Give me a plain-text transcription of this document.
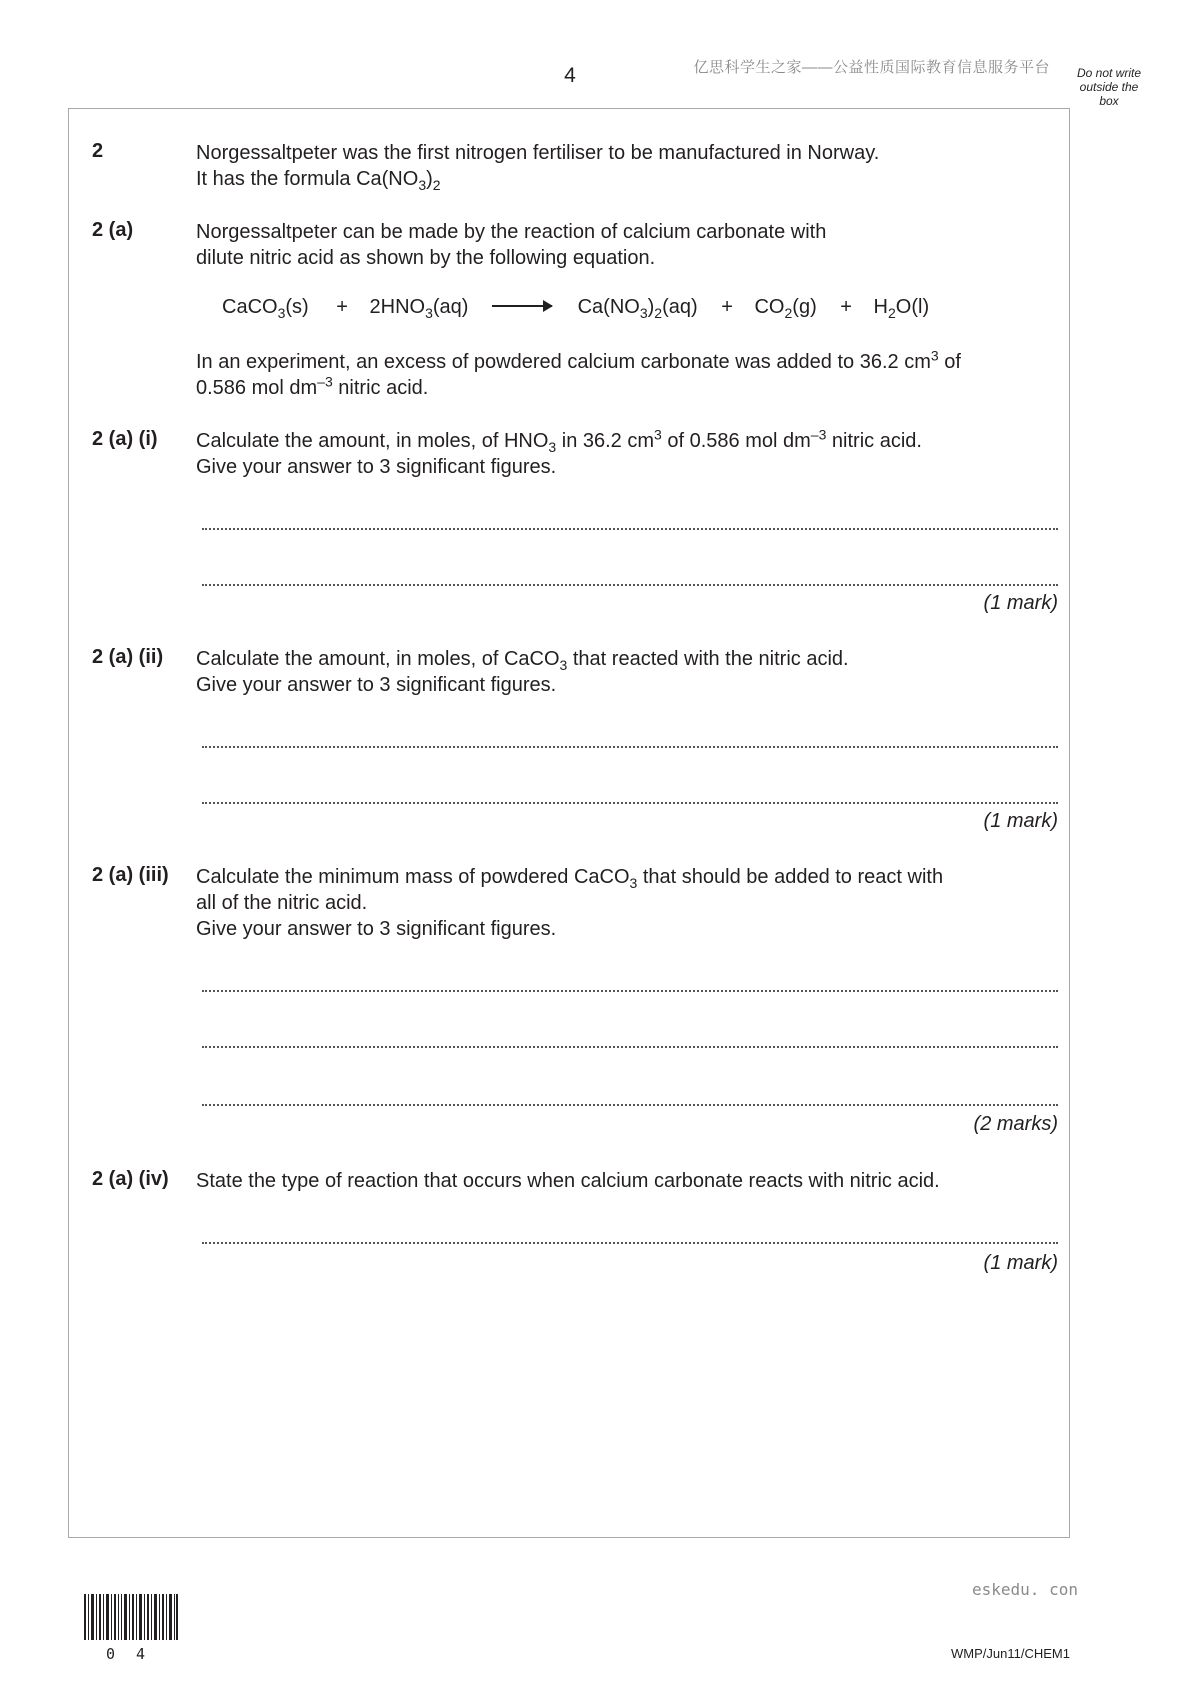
4	亿思科学生之家——公益性质国际教育信息服务平台	Do not write
outside the
box
2	Norgessaltpeter was the first nitrogen fertiliser to be manufactured in Norway.
It has the formula $Ca(NO_3)_2$
2 (a)	Norgessaltpeter can be made by the reaction of calcium carbonate with
dilute nitric acid as shown by the following equation.
CaCO$_3$(s) + $2HNO_3(aq) \to Ca(NO_3)_2(aq) + CO_2(g) + H_2O(l)$
In an experiment, an excess of powdered calcium carbonate was added to 36.2 $cm^3$ of
0.586 mol $dm^{-3}$ nitric acid.
2 (a) (i) Calculate the amount, in moles, of $HNO_3$ in 36.2 $cm^3$ of 0.586 mol $dm^{-3}$ nitric acid.
Give your answer to 3 significant figures.
(1 mark)
2 (a) (ii) Calculate the amount, in moles, of CaCO$_3$ that reacted with the nitric acid.
Give your answer to 3 significant figures.
(1 mark)
2 (a) (iii) Calculate the minimum mass of powdered CaCO$_3$ that should be added to react with
all of the nitric acid.
Give your answer to 3 significant figures.
(2 marks)
2 (a) (iv) State the type of reaction that occurs when calcium carbonate reacts with nitric acid.
(1 mark)
eskedu. con
0 4	WMP/Jun11/CHEM1
